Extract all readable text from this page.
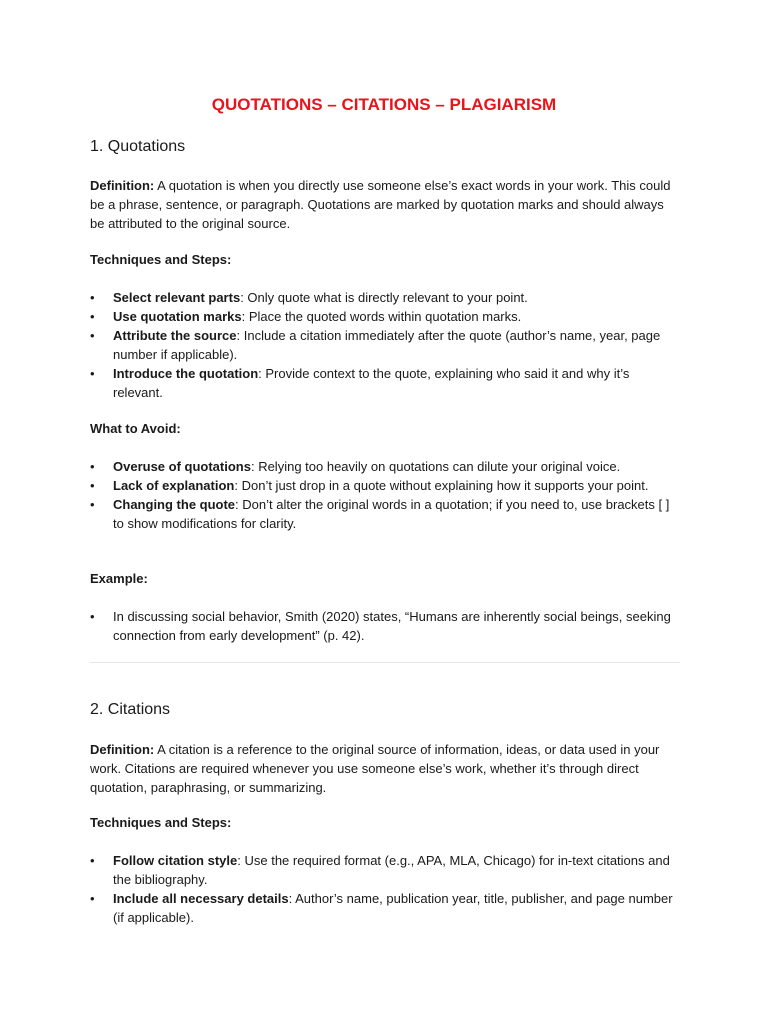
QUOTATIONS – CITATIONS – PLAGIARISM
1. Quotations
Definition: A quotation is when you directly use someone else’s exact words in your work. This could be a phrase, sentence, or paragraph. Quotations are marked by quotation marks and should always be attributed to the original source.
Techniques and Steps:
• Select relevant parts: Only quote what is directly relevant to your point.
• Use quotation marks: Place the quoted words within quotation marks.
• Attribute the source: Include a citation immediately after the quote (author’s name, year, page number if applicable).
• Introduce the quotation: Provide context to the quote, explaining who said it and why it’s relevant.
What to Avoid:
• Overuse of quotations: Relying too heavily on quotations can dilute your original voice.
• Lack of explanation: Don’t just drop in a quote without explaining how it supports your point.
• Changing the quote: Don’t alter the original words in a quotation; if you need to, use brackets [ ] to show modifications for clarity.
Example:
• In discussing social behavior, Smith (2020) states, “Humans are inherently social beings, seeking connection from early development” (p. 42).
2. Citations
Definition: A citation is a reference to the original source of information, ideas, or data used in your work. Citations are required whenever you use someone else’s work, whether it’s through direct quotation, paraphrasing, or summarizing.
Techniques and Steps:
• Follow citation style: Use the required format (e.g., APA, MLA, Chicago) for in-text citations and the bibliography.
• Include all necessary details: Author’s name, publication year, title, publisher, and page number (if applicable).
